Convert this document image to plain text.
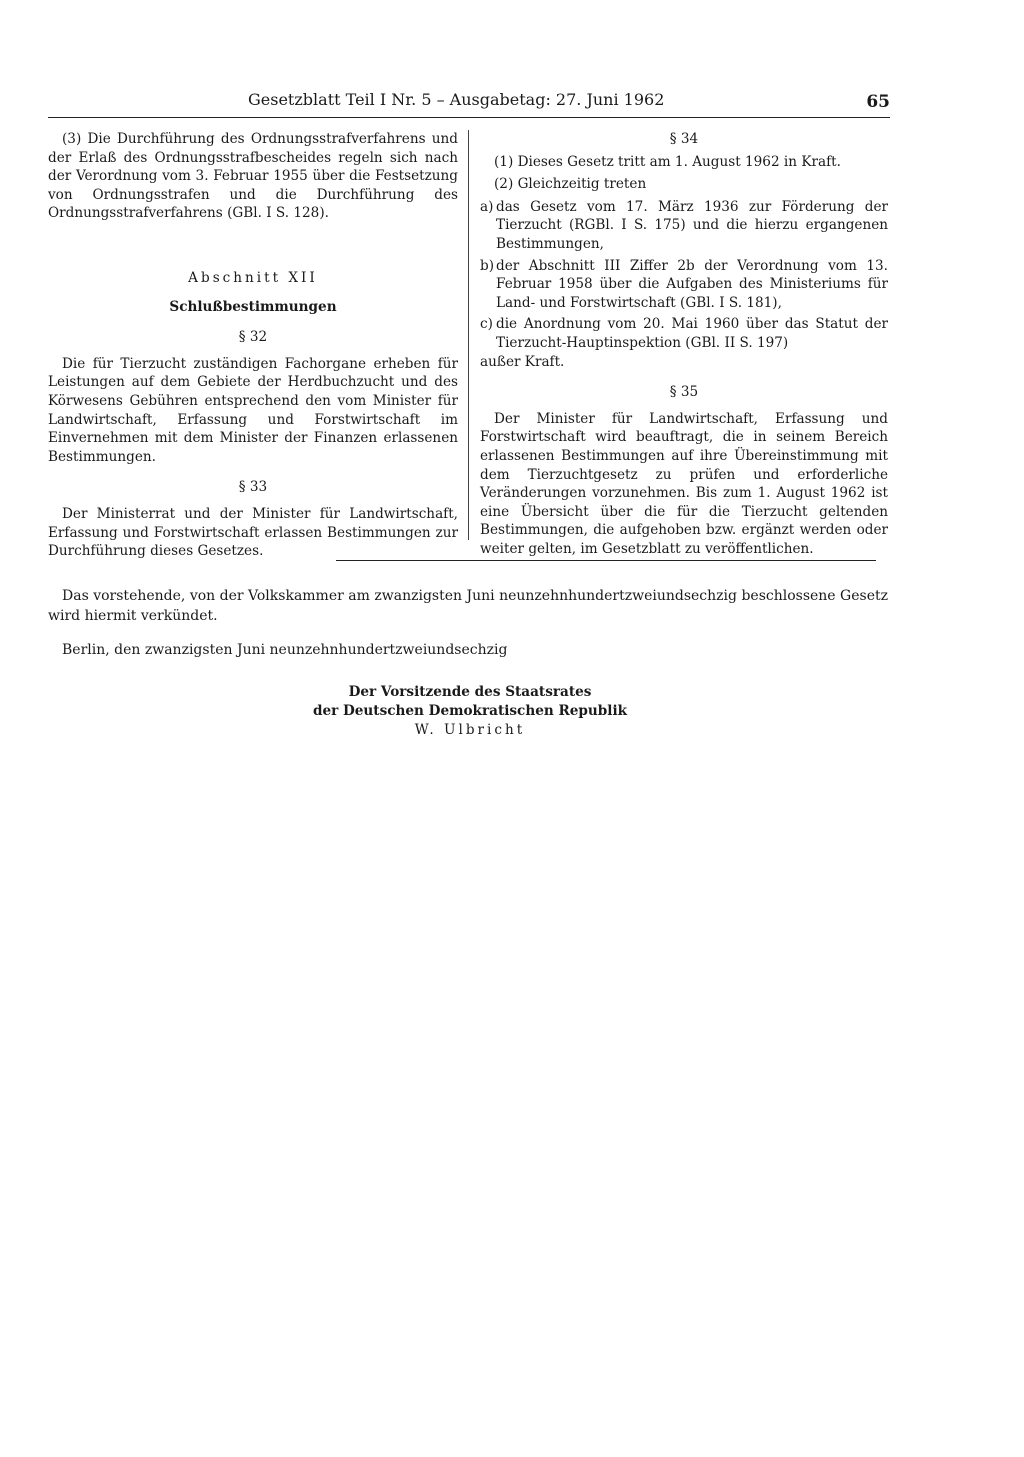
Gesetzblatt Teil I Nr. 5 – Ausgabetag: 27. Juni 1962	65

(3) Die Durchführung des Ordnungsstrafverfahrens und der Erlaß des Ordnungsstrafbescheides regeln sich nach der Verordnung vom 3. Februar 1955 über die Festsetzung von Ordnungsstrafen und die Durchführung des Ordnungsstrafverfahrens (GBl. I S. 128).

Abschnitt XII

Schlußbestimmungen

§ 32

Die für Tierzucht zuständigen Fachorgane erheben für Leistungen auf dem Gebiete der Herdbuchzucht und des Körwesens Gebühren entsprechend den vom Minister für Landwirtschaft, Erfassung und Forstwirtschaft im Einvernehmen mit dem Minister der Finanzen erlassenen Bestimmungen.

§ 33

Der Ministerrat und der Minister für Landwirtschaft, Erfassung und Forstwirtschaft erlassen Bestimmungen zur Durchführung dieses Gesetzes.

§ 34

(1) Dieses Gesetz tritt am 1. August 1962 in Kraft.

(2) Gleichzeitig treten

a) das Gesetz vom 17. März 1936 zur Förderung der Tierzucht (RGBl. I S. 175) und die hierzu ergangenen Bestimmungen,
b) der Abschnitt III Ziffer 2b der Verordnung vom 13. Februar 1958 über die Aufgaben des Ministeriums für Land- und Forstwirtschaft (GBl. I S. 181),
c) die Anordnung vom 20. Mai 1960 über das Statut der Tierzucht-Hauptinspektion (GBl. II S. 197)

außer Kraft.

§ 35

Der Minister für Landwirtschaft, Erfassung und Forstwirtschaft wird beauftragt, die in seinem Bereich erlassenen Bestimmungen auf ihre Übereinstimmung mit dem Tierzuchtgesetz zu prüfen und erforderliche Veränderungen vorzunehmen. Bis zum 1. August 1962 ist eine Übersicht über die für die Tierzucht geltenden Bestimmungen, die aufgehoben bzw. ergänzt werden oder weiter gelten, im Gesetzblatt zu veröffentlichen.

Das vorstehende, von der Volkskammer am zwanzigsten Juni neunzehnhundertzweiundsechzig beschlossene Gesetz wird hiermit verkündet.

Berlin, den zwanzigsten Juni neunzehnhundertzweiundsechzig

Der Vorsitzende des Staatsrates
der Deutschen Demokratischen Republik
W. Ulbricht
